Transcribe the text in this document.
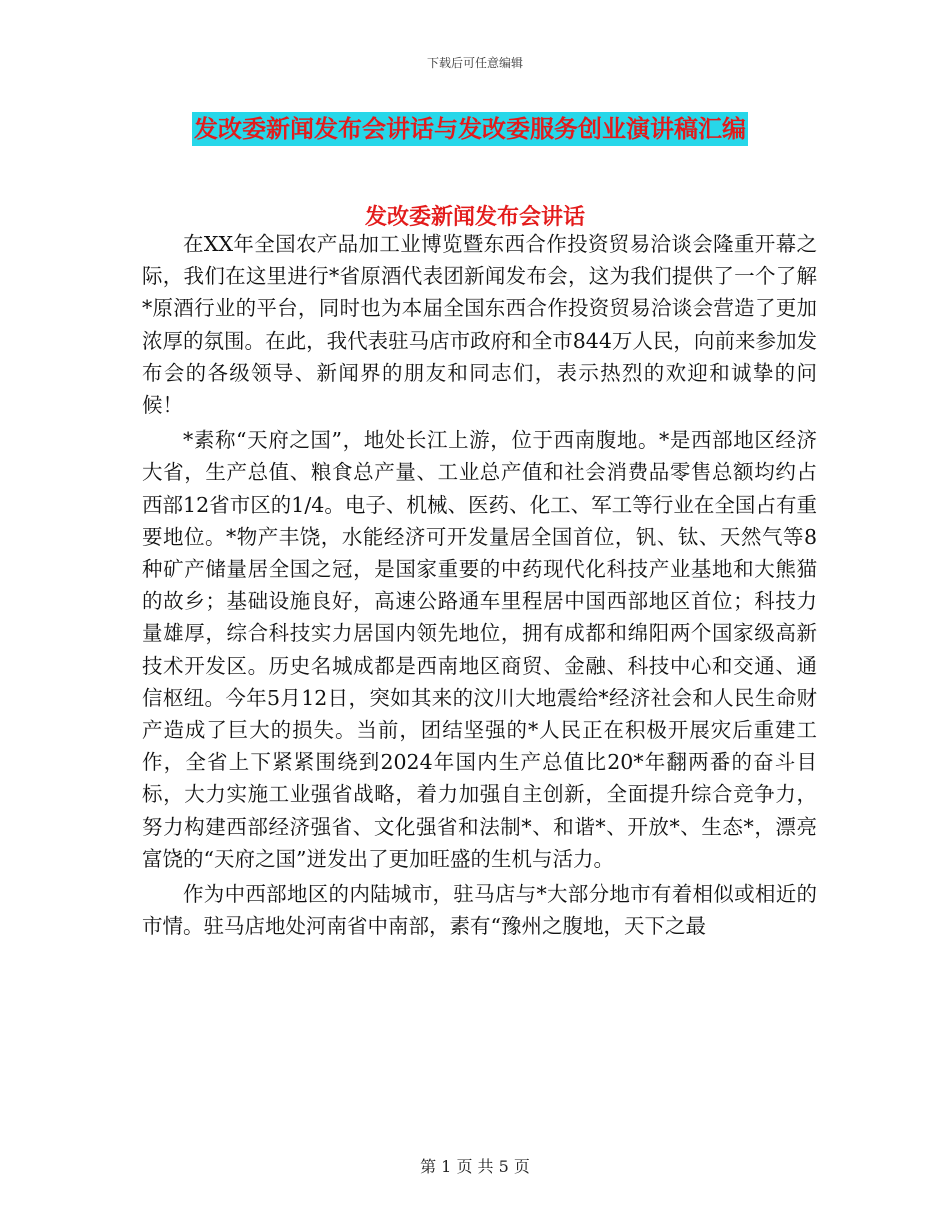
下载后可任意编辑
发改委新闻发布会讲话与发改委服务创业演讲稿汇编
发改委新闻发布会讲话

在XX年全国农产品加工业博览暨东西合作投资贸易洽谈会隆重开幕之际，我们在这里进行*省原酒代表团新闻发布会，这为我们提供了一个了解*原酒行业的平台，同时也为本届全国东西合作投资贸易洽谈会营造了更加浓厚的氛围。在此，我代表驻马店市政府和全市844万人民，向前来参加发布会的各级领导、新闻界的朋友和同志们，表示热烈的欢迎和诚挚的问候！

*素称“天府之国”，地处长江上游，位于西南腹地。*是西部地区经济大省，生产总值、粮食总产量、工业总产值和社会消费品零售总额均约占西部12省市区的1/4。电子、机械、医药、化工、军工等行业在全国占有重要地位。*物产丰饶，水能经济可开发量居全国首位，钒、钛、天然气等8种矿产储量居全国之冠，是国家重要的中药现代化科技产业基地和大熊猫的故乡；基础设施良好，高速公路通车里程居中国西部地区首位；科技力量雄厚，综合科技实力居国内领先地位，拥有成都和绵阳两个国家级高新技术开发区。历史名城成都是西南地区商贸、金融、科技中心和交通、通信枢纽。今年5月12日，突如其来的汶川大地震给*经济社会和人民生命财产造成了巨大的损失。当前，团结坚强的*人民正在积极开展灾后重建工作，全省上下紧紧围绕到2024年国内生产总值比20*年翻两番的奋斗目标，大力实施工业强省战略，着力加强自主创新，全面提升综合竞争力，努力构建西部经济强省、文化强省和法制*、和谐*、开放*、生态*，漂亮富饶的“天府之国”迸发出了更加旺盛的生机与活力。

作为中西部地区的内陆城市，驻马店与*大部分地市有着相似或相近的市情。驻马店地处河南省中南部，素有“豫州之腹地，天下之最

第 1 页 共 5 页
